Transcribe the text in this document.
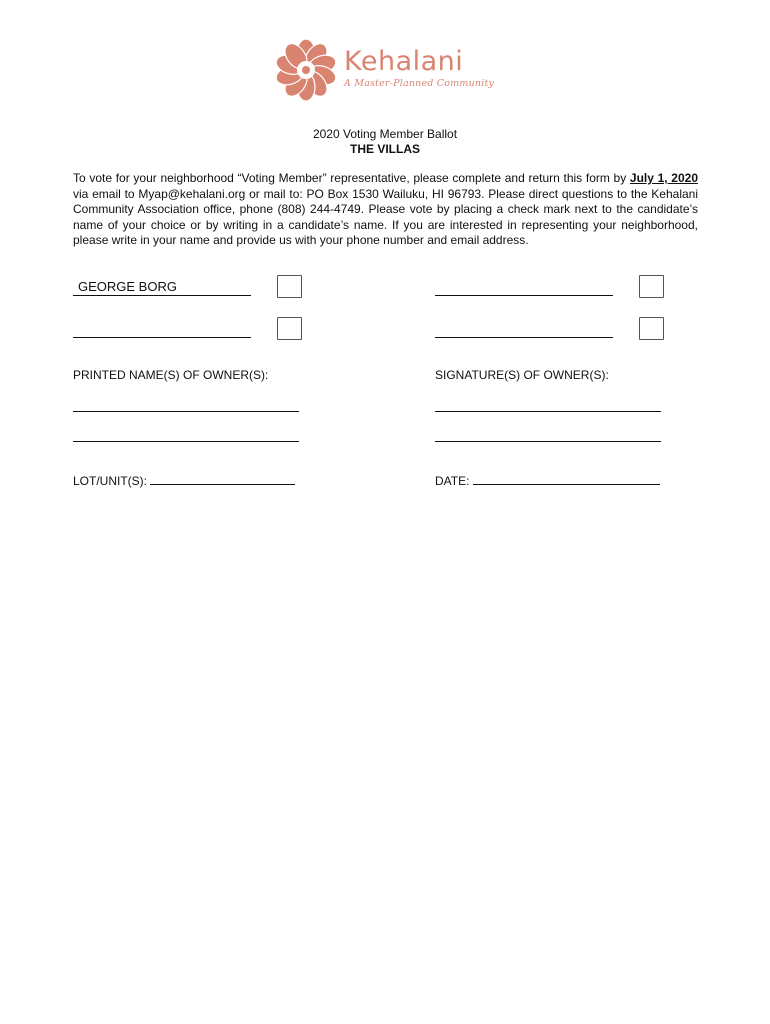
Kehalani
A Master-Planned Community
2020 Voting Member Ballot
THE VILLAS
To vote for your neighborhood “Voting Member” representative, please complete and return this form by July 1, 2020 via email to Myap@kehalani.org or mail to: PO Box 1530 Wailuku, HI 96793. Please direct questions to the Kehalani Community Association office, phone (808) 244-4749. Please vote by placing a check mark next to the candidate’s name of your choice or by writing in a candidate’s name. If you are interested in representing your neighborhood, please write in your name and provide us with your phone number and email address.
GEORGE BORG
PRINTED NAME(S) OF OWNER(S):	SIGNATURE(S) OF OWNER(S):
LOT/UNIT(S):	DATE:
